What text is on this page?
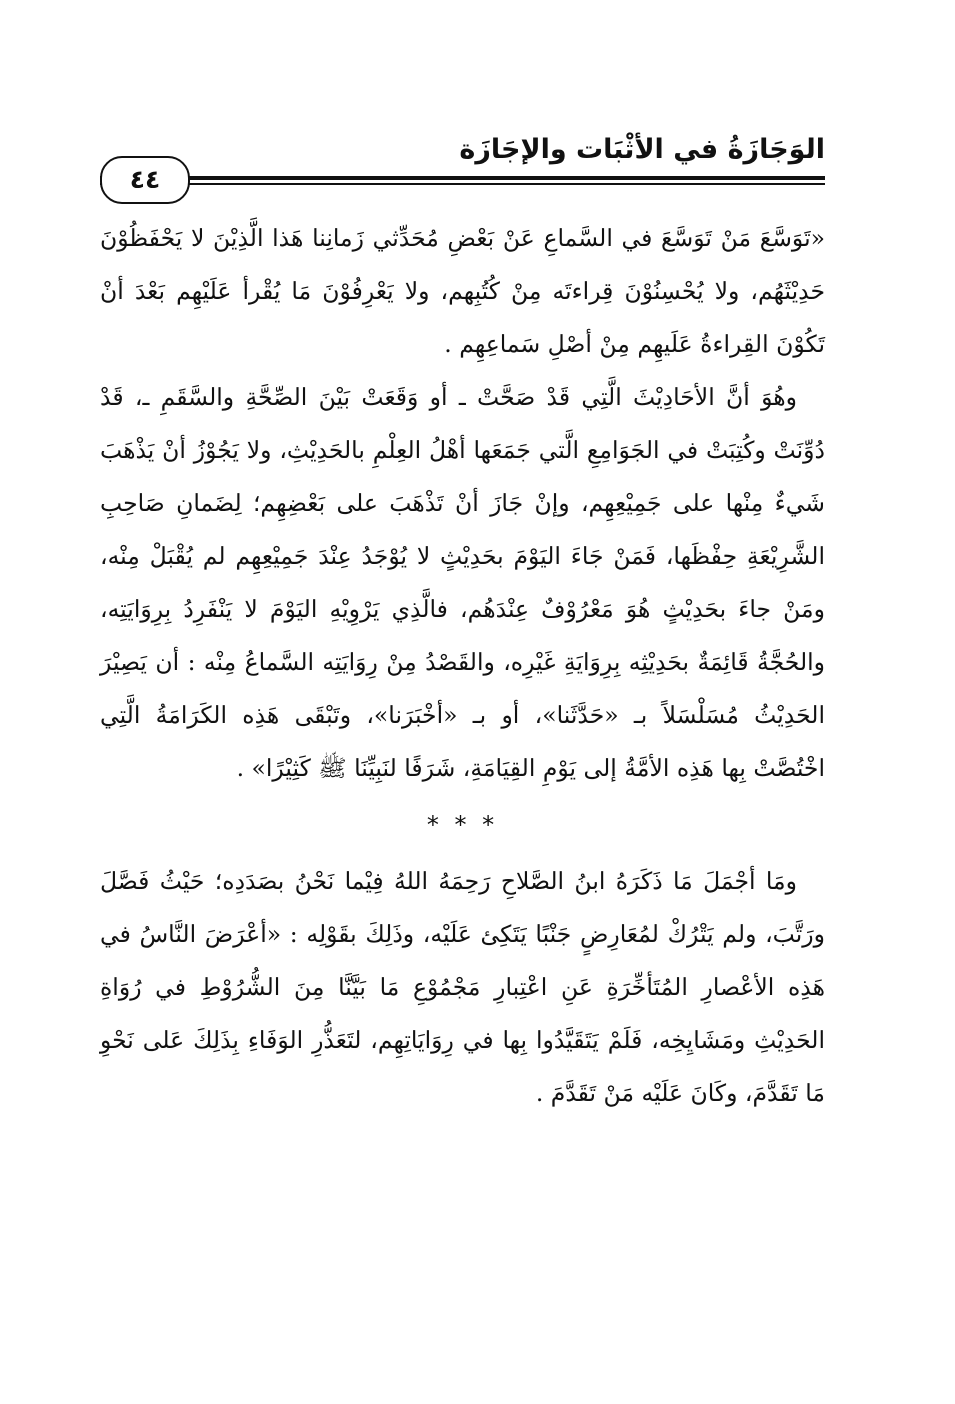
الوَجَازَةُ في الأثْبَات والإجَازَة
٤٤

«تَوَسَّعَ مَنْ تَوَسَّعَ في السَّماعِ عَنْ بَعْضِ مُحَدِّثي زَمانِنا هَذا الَّذِيْنَ لا يَحْفَظُوْنَ حَدِيْثَهُم، ولا يُحْسِنُوْنَ قِراءتَه مِنْ كُتُبِهم، ولا يَعْرِفُوْنَ مَا يُقْرأ عَلَيْهِم بَعْدَ أنْ تَكُوْنَ القِراءةُ عَلَيهِم مِنْ أصْلِ سَماعِهِم .

وهُوَ أنَّ الأحَادِيْثَ الَّتِي قَدْ صَحَّتْ ـ أو وَقَعَتْ بَيْنَ الصِّحَّةِ والسَّقَمِ ـ، قَدْ دُوِّنَتْ وكُتِبَتْ في الجَوَامِعِ الَّتي جَمَعَها أهْلُ العِلْمِ بالحَدِيْثِ، ولا يَجُوْزُ أنْ يَذْهَبَ شَيءٌ مِنْها على جَمِيْعِهِم، وإنْ جَازَ أنْ تَذْهَبَ على بَعْضِهِم؛ لِضَمانِ صَاحِبِ الشَّرِيْعَةِ حِفْظَها، فَمَنْ جَاءَ اليَوْمَ بحَدِيْثٍ لا يُوْجَدُ عِنْدَ جَمِيْعِهِم لم يُقْبَلْ مِنْه، ومَنْ جاءَ بحَدِيْثٍ هُوَ مَعْرُوْفٌ عِنْدَهُم، فالَّذِي يَرْوِيْهِ اليَوْمَ لا يَنْفَرِدُ بِرِوَايَتِه، والحُجَّةُ قَائِمَةٌ بحَدِيْثِه بِرِوَايَةِ غَيْرِه، والقَصْدُ مِنْ رِوَايَتِه السَّماعُ مِنْه : أن يَصِيْرَ الحَدِيْثُ مُسَلْسَلاً بـ «حَدَّثَنا»، أو بـ «أخْبَرَنا»، وتَبْقَى هَذِه الكَرَامَةُ الَّتِي اخْتُصَّتْ بِها هَذِه الأمَّةُ إلى يَوْمِ القِيَامَةِ، شَرَفًا لنَبِيِّنَا ﷺ كَثِيْرًا» .

* * *

ومَا أجْمَلَ مَا ذَكَرَهُ ابنُ الصَّلاحِ رَحِمَهُ اللهُ فِيْما نَحْنُ بصَدَدِه؛ حَيْثُ فَصَّلَ ورَتَّبَ، ولم يَتْرُكْ لمُعَارِضٍ جَنْبًا يَتَكِئ عَلَيْه، وذَلِكَ بقَوْلِه : «أعْرَضَ النَّاسُ في هَذِه الأعْصارِ المُتَأخِّرَةِ عَنِ اعْتِبارِ مَجْمُوْعِ مَا بَيَّنَّا مِنَ الشُّرُوْطِ في رُوَاةِ الحَدِيْثِ ومَشَايِخِه، فَلَمْ يَتَقَيَّدُوا بِها في رِوَايَاتِهِم، لتَعَذُّرِ الوَفَاءِ بِذَلِكَ عَلى نَحْوِ مَا تَقَدَّمَ، وكَانَ عَلَيْه مَنْ تَقَدَّمَ .
